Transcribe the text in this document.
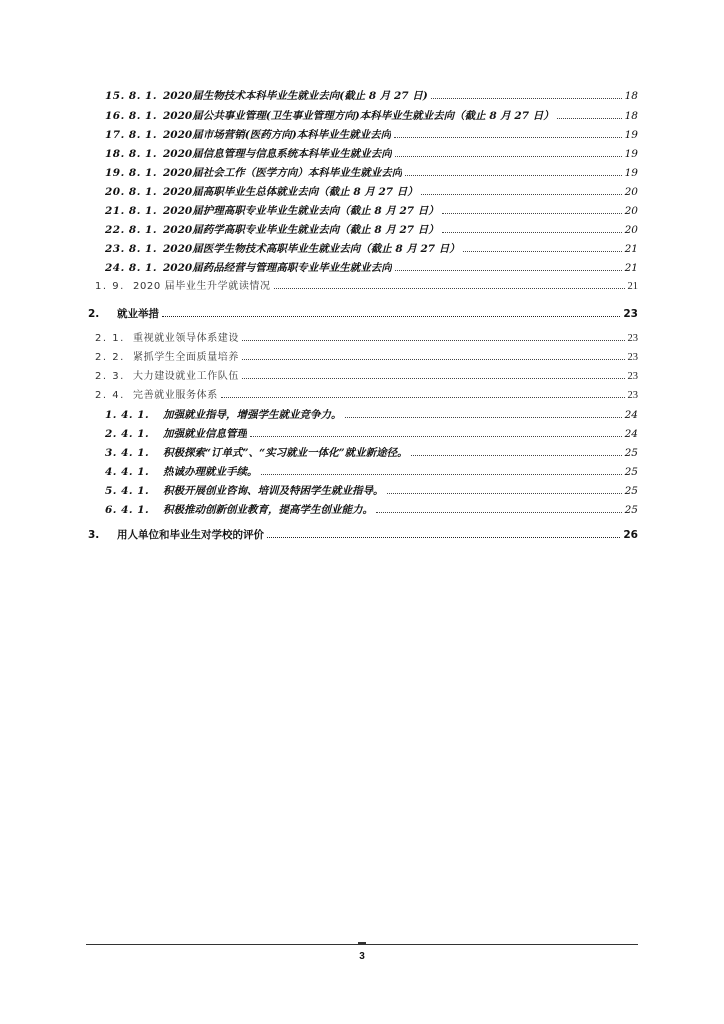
15. 8. 1. 2020届生物技术本科毕业生就业去向(截止 8 月 27 日)	18
16. 8. 1. 2020届公共事业管理(卫生事业管理方向)本科毕业生就业去向（截止 8 月 27 日）	18
17. 8. 1. 2020届市场营销(医药方向)本科毕业生就业去向	19
18. 8. 1. 2020届信息管理与信息系统本科毕业生就业去向	19
19. 8. 1. 2020届社会工作（医学方向）本科毕业生就业去向	19
20. 8. 1. 2020届高职毕业生总体就业去向（截止 8 月 27 日）	20
21. 8. 1. 2020届护理高职专业毕业生就业去向（截止 8 月 27 日）	20
22. 8. 1. 2020届药学高职专业毕业生就业去向（截止 8 月 27 日）	20
23. 8. 1. 2020届医学生物技术高职毕业生就业去向（截止 8 月 27 日）	21
24. 8. 1. 2020届药品经营与管理高职专业毕业生就业去向	21
1. 9. 2020 届毕业生升学就读情况	21
2.	就业举措	23
2. 1. 重视就业领导体系建设	23
2. 2. 紧抓学生全面质量培养	23
2. 3. 大力建设就业工作队伍	23
2. 4. 完善就业服务体系	23
1. 4. 1.	加强就业指导，增强学生就业竞争力。	24
2. 4. 1.	加强就业信息管理	24
3. 4. 1.	积极探索“订单式”、“实习就业一体化”就业新途径。	25
4. 4. 1.	热诚办理就业手续。	25
5. 4. 1.	积极开展创业咨询、培训及特困学生就业指导。	25
6. 4. 1.	积极推动创新创业教育，提高学生创业能力。	25
3.	用人单位和毕业生对学校的评价	26
3
